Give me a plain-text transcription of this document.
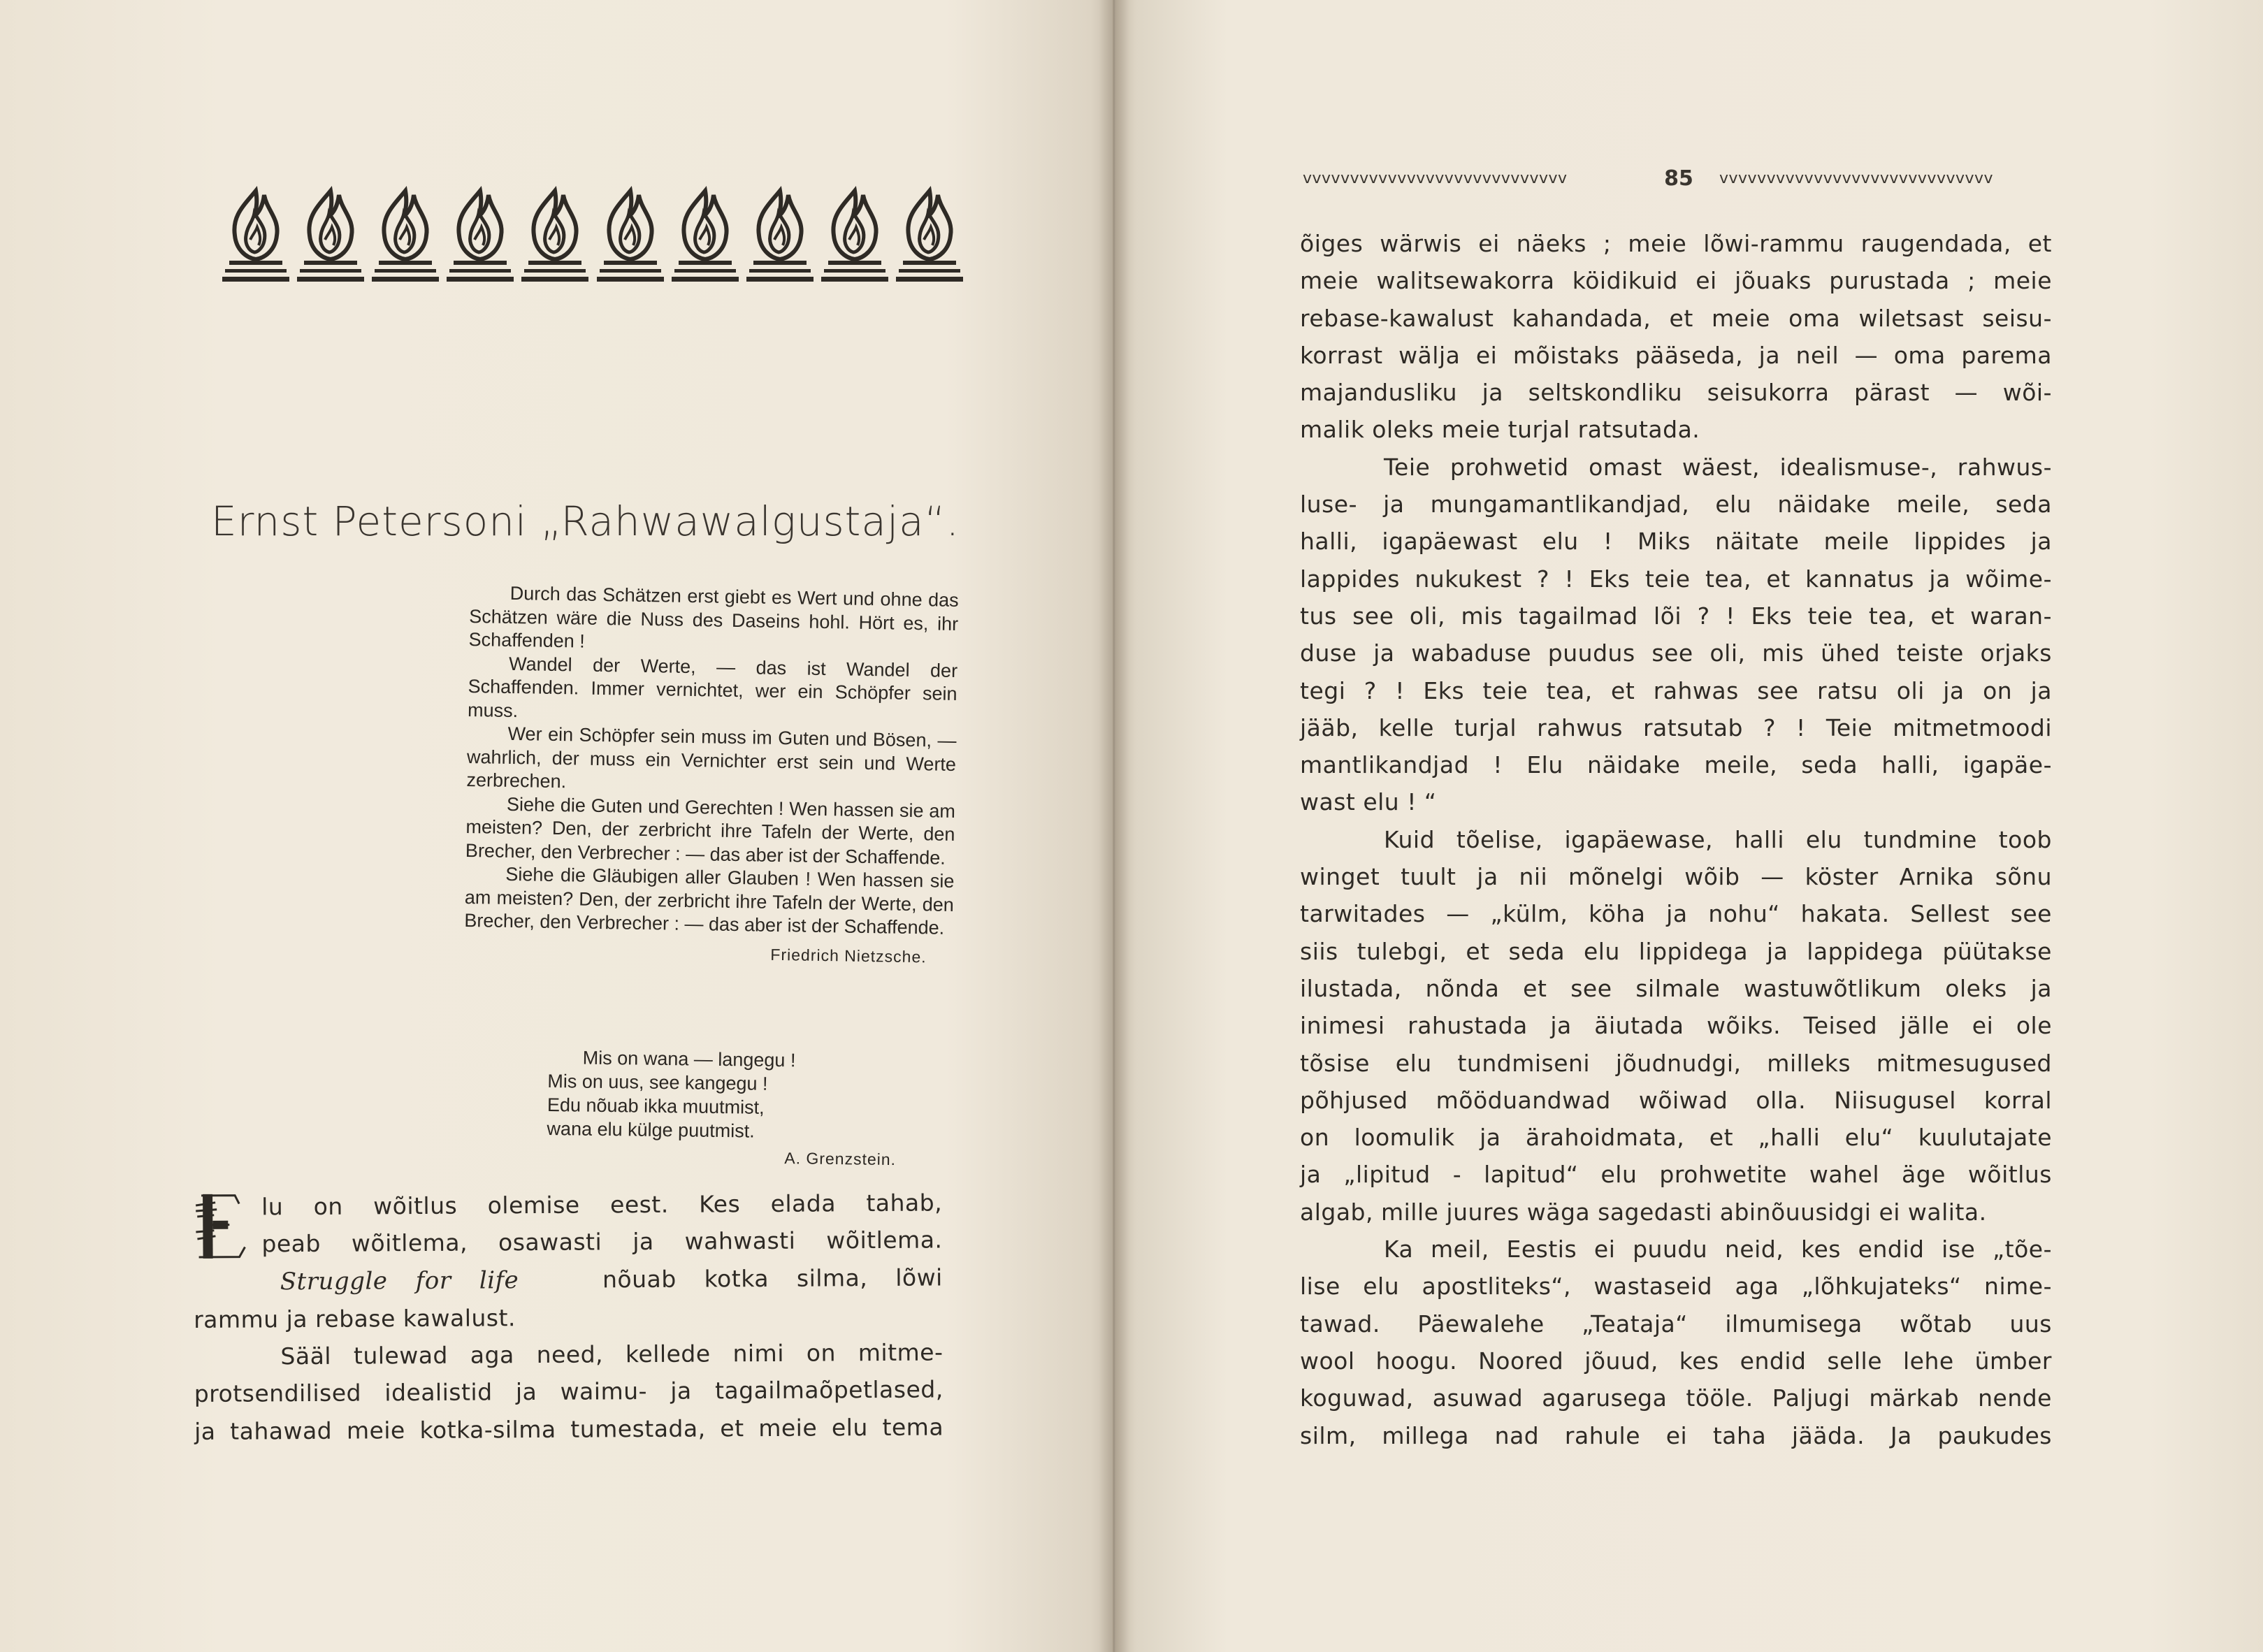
Ernst Petersoni „Rahwawalgustaja“.

Durch das Schätzen erst giebt es Wert und ohne das Schätzen wäre die Nuss des Daseins hohl. Hört es, ihr Schaffenden !

Wandel der Werte, — das ist Wandel der Schaffenden. Immer vernichtet, wer ein Schöpfer sein muss.

Wer ein Schöpfer sein muss im Guten und Bösen, — wahrlich, der muss ein Vernichter erst sein und Werte zerbrechen.

Siehe die Guten und Gerechten ! Wen hassen sie am meisten? Den, der zerbricht ihre Tafeln der Werte, den Brecher, den Verbrecher : — das aber ist der Schaffende.

Siehe die Gläubigen aller Glauben ! Wen hassen sie am meisten? Den, der zerbricht ihre Tafeln der Werte, den Brecher, den Verbrecher : — das aber ist der Schaffende.

Friedrich Nietzsche.
Mis on wana — langegu !
Mis on uus, see kangegu !
Edu nõuab ikka muutmist,
wana elu külge puutmist.
A. Grenzstein.
lu on wõitlus olemise eest. Kes elada tahab,
peab wõitlema, osawasti ja wahwasti wõitlema.
Struggle for life	nõuab kotka silma, lõwi
rammu ja rebase kawalust.
Sääl tulewad aga need, kellede nimi on mitme-
protsendilised idealistid ja waimu- ja tagailmaõpetlased,
ja tahawad meie kotka-silma tumestada, et meie elu tema
vvvvvvvvvvvvvvvvvvvvvvvvvvvv	85 vvvvvvvvvvvvvvvvvvvvvvvvvvvvv
õiges wärwis ei näeks ; meie lõwi-rammu raugendada, et
meie walitsewakorra köidikuid ei jõuaks purustada ; meie
rebase-kawalust kahandada, et meie oma wiletsast seisu-
korrast wälja ei mõistaks pääseda, ja neil — oma parema
majandusliku ja seltskondliku seisukorra pärast — wõi-
malik oleks meie turjal ratsutada.
Teie prohwetid omast wäest, idealismuse-, rahwus-
luse- ja mungamantlikandjad, elu näidake meile, seda
halli, igapäewast elu ! Miks näitate meile lippides ja
lappides nukukest ? ! Eks teie tea, et kannatus ja wõime-
tus see oli, mis tagailmad lõi ? ! Eks teie tea, et waran-
duse ja wabaduse puudus see oli, mis ühed teiste orjaks
tegi ? ! Eks teie tea, et rahwas see ratsu oli ja on ja
jääb, kelle turjal rahwus ratsutab ? ! Teie mitmetmoodi
mantlikandjad ! Elu näidake meile, seda halli, igapäe-
wast elu ! “
Kuid tõelise, igapäewase, halli elu tundmine toob
winget tuult ja nii mõnelgi wõib — köster Arnika sõnu
tarwitades — „külm, köha ja nohu“ hakata. Sellest see
siis tulebgi, et seda elu lippidega ja lappidega püütakse
ilustada, nõnda et see silmale wastuwõtlikum oleks ja
inimesi rahustada ja äiutada wõiks. Teised jälle ei ole
tõsise elu tundmiseni jõudnudgi, milleks mitmesugused
põhjused mõöduandwad wõiwad olla. Niisugusel korral
on loomulik ja ärahoidmata, et „halli elu“ kuulutajate
ja „lipitud - lapitud“ elu prohwetite wahel äge wõitlus
algab, mille juures wäga sagedasti abinõuusidgi ei walita.
Ka meil, Eestis ei puudu neid, kes endid ise „tõe-
lise elu apostliteks“, wastaseid aga „lõhkujateks“ nime-
tawad. Päewalehe „Teataja“ ilmumisega wõtab uus
wool hoogu. Noored jõuud, kes endid selle lehe ümber
koguwad, asuwad agarusega tööle. Paljugi märkab nende
silm, millega nad rahule ei taha jääda. Ja paukudes
